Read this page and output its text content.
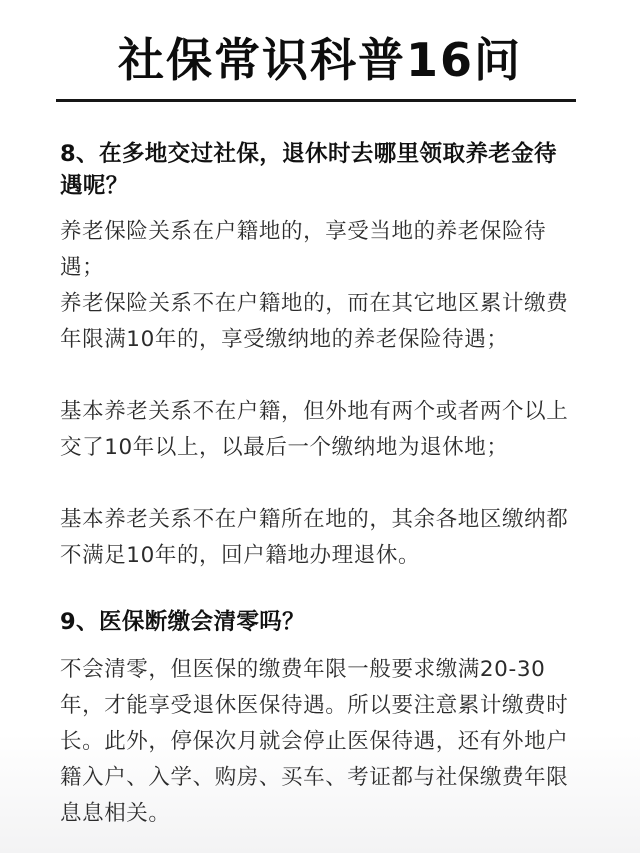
社保常识科普16问
8、在多地交过社保，退休时去哪里领取养老金待遇呢？
养老保险关系在户籍地的，享受当地的养老保险待遇；
养老保险关系不在户籍地的，而在其它地区累计缴费年限满10年的，享受缴纳地的养老保险待遇；
基本养老关系不在户籍，但外地有两个或者两个以上交了10年以上，以最后一个缴纳地为退休地；
基本养老关系不在户籍所在地的，其余各地区缴纳都不满足10年的，回户籍地办理退休。
9、医保断缴会清零吗？
不会清零，但医保的缴费年限一般要求缴满20-30年，才能享受退休医保待遇。所以要注意累计缴费时长。此外，停保次月就会停止医保待遇，还有外地户籍入户、入学、购房、买车、考证都与社保缴费年限息息相关。
